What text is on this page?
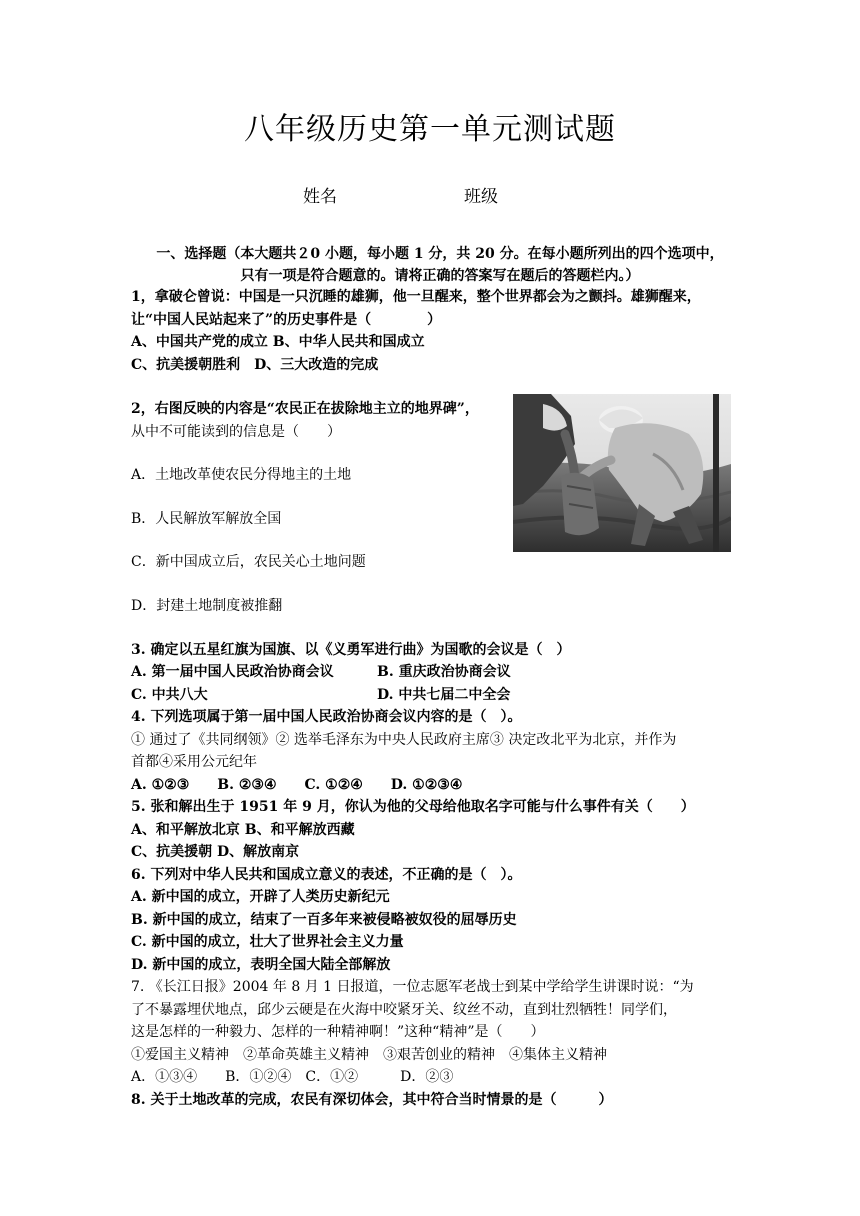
八年级历史第一单元测试题
姓名	班级
一、选择题（本大题共２0 小题，每小题 1 分，共 20 分。在每小题所列出的四个选项中，
只有一项是符合题意的。请将正确的答案写在题后的答题栏内。）
1，拿破仑曾说：中国是一只沉睡的雄狮，他一旦醒来，整个世界都会为之颤抖。雄狮醒来，
让“中国人民站起来了”的历史事件是（　　　　）
A、中国共产党的成立 B、中华人民共和国成立
C、抗美援朝胜利　D、三大改造的完成
2，右图反映的内容是“农民正在拔除地主立的地界碑”，
从中不可能读到的信息是（　　）
A．土地改革使农民分得地主的土地
B．人民解放军解放全国
C．新中国成立后，农民关心土地问题
D．封建土地制度被推翻
3. 确定以五星红旗为国旗、以《义勇军进行曲》为国歌的会议是（　）
A. 第一届中国人民政治协商会议	B. 重庆政治协商会议
C. 中共八大	D. 中共七届二中全会
4. 下列选项属于第一届中国人民政治协商会议内容的是（　）。
① 通过了《共同纲领》② 选举毛泽东为中央人民政府主席③ 决定改北平为北京，并作为
首都④采用公元纪年
A. ①②③　　B. ②③④　　C. ①②④　　D. ①②③④
5. 张和解出生于 1951 年 9 月，你认为他的父母给他取名字可能与什么事件有关（　　）
A、和平解放北京 B、和平解放西藏
C、抗美援朝 D、解放南京
6. 下列对中华人民共和国成立意义的表述，不正确的是（　）。
A. 新中国的成立，开辟了人类历史新纪元
B. 新中国的成立，结束了一百多年来被侵略被奴役的屈辱历史
C. 新中国的成立，壮大了世界社会主义力量
D. 新中国的成立，表明全国大陆全部解放
7. 《长江日报》2004 年 8 月 1 日报道，一位志愿军老战士到某中学给学生讲课时说：“为
了不暴露埋伏地点，邱少云硬是在火海中咬紧牙关、纹丝不动，直到壮烈牺牲！同学们，
这是怎样的一种毅力、怎样的一种精神啊！”这种“精神”是（　　）
①爱国主义精神　②革命英雄主义精神　③艰苦创业的精神　④集体主义精神
A．①③④　　B．①②④　C．①②　　　D．②③
8. 关于土地改革的完成，农民有深切体会，其中符合当时情景的是（　　　）
